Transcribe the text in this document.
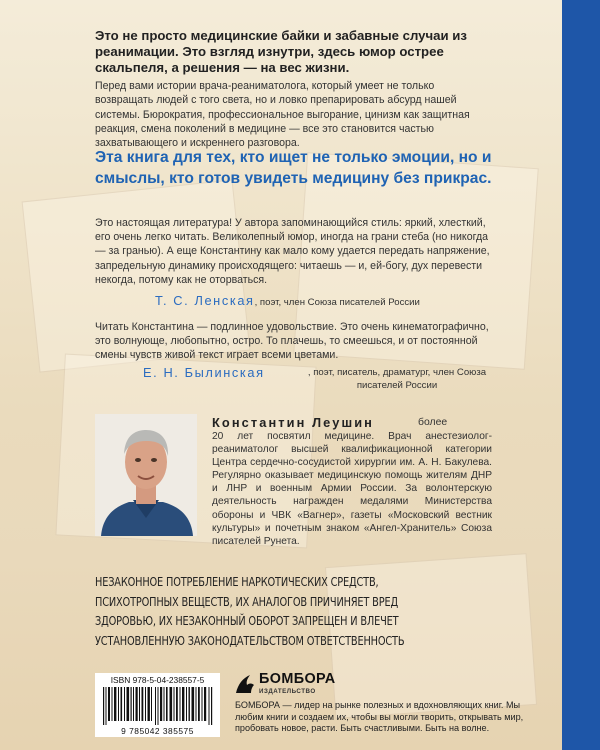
Это не просто медицинские байки и забавные случаи из реанимации. Это взгляд изнутри, здесь юмор острее скальпеля, а решения — на вес жизни.

Перед вами истории врача-реаниматолога, который умеет не только возвращать людей с того света, но и ловко препарировать абсурд нашей системы. Бюрократия, профессиональное выгорание, цинизм как защитная реакция, смена поколений в медицине — все это становится частью захватывающего и искреннего разговора.

Эта книга для тех, кто ищет не только эмоции, но и смыслы, кто готов увидеть медицину без прикрас.

Это настоящая литература! У автора запоминающийся стиль: яркий, хлесткий, его очень легко читать. Великолепный юмор, иногда на грани стеба (но никогда — за гранью). А еще Константину как мало кому удается передать напряжение, запредельную динамику происходящего: читаешь — и, ей-богу, дух перевести некогда, потому как не оторваться.

Т. С. Ленская, поэт, член Союза писателей России

Читать Константина — подлинное удовольствие. Это очень кинематографично, это волнующе, любопытно, остро. То плачешь, то смеешься, и от постоянной смены чувств живой текст играет всеми цветами.

Е. Н. Былинская	, поэт, писатель, драматург, член Союза писателей России
Константин Леушин	более

20 лет посвятил медицине. Врач анестезиолог-реаниматолог высшей квалификационной категории Центра сердечно-сосудистой хирургии им. А. Н. Бакулева. Регулярно оказывает медицинскую помощь жителям ДНР и ЛНР и военным Армии России. За волонтерскую деятельность награжден медалями Министерства обороны и ЧВК «Вагнер», газеты «Московский вестник культуры» и почетным знаком «Ангел-Хранитель» Союза писателей Рунета.

НЕЗАКОННОЕ ПОТРЕБЛЕНИЕ НАРКОТИЧЕСКИХ СРЕДСТВ, ПСИХОТРОПНЫХ ВЕЩЕСТВ, ИХ АНАЛОГОВ ПРИЧИНЯЕТ ВРЕД ЗДОРОВЬЮ, ИХ НЕЗАКОННЫЙ ОБОРОТ ЗАПРЕЩЕН И ВЛЕЧЕТ УСТАНОВЛЕННУЮ ЗАКОНОДАТЕЛЬСТВОМ ОТВЕТСТВЕННОСТЬ

ISBN 978-5-04-238557-5
9 785042 385575
БОМБОРА
ИЗДАТЕЛЬСТВО

БОМБОРА — лидер на рынке полезных и вдохновляющих книг. Мы любим книги и создаем их, чтобы вы могли творить, открывать мир, пробовать новое, расти. Быть счастливыми. Быть на волне.
